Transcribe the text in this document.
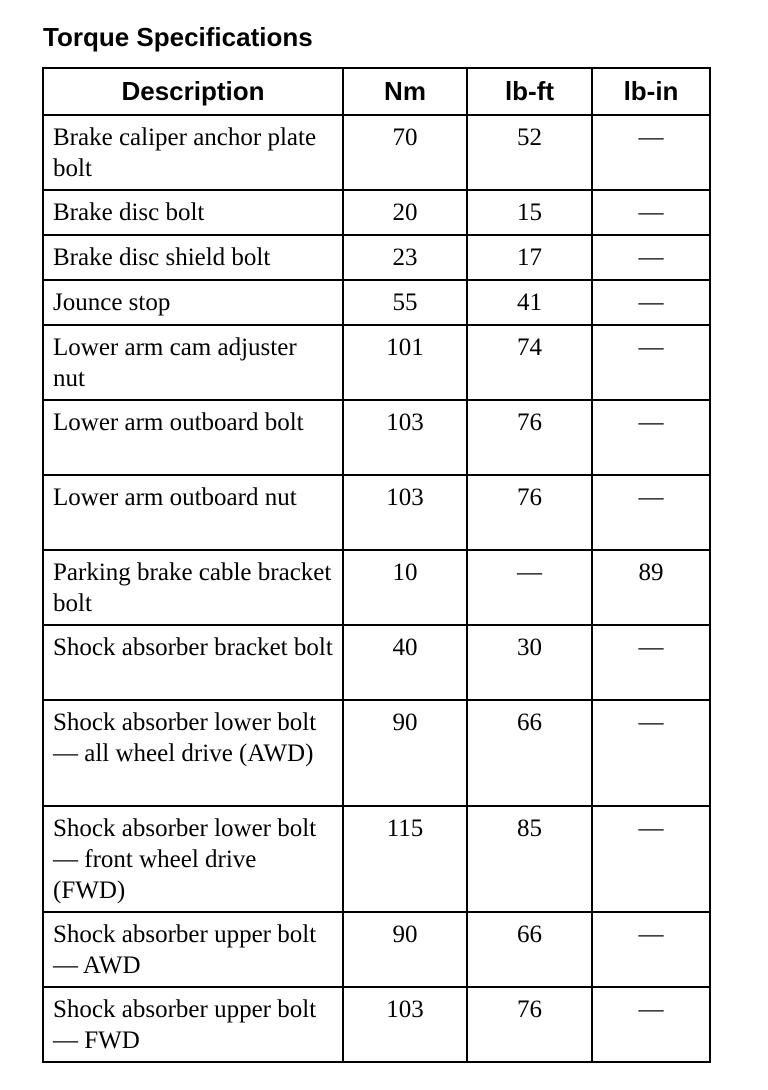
Torque Specifications
Description	Nm	lb-ft	lb-in
Brake caliper anchor plate bolt	70	52	—
Brake disc bolt	20	15	—
Brake disc shield bolt	23	17	—
Jounce stop	55	41	—
Lower arm cam adjuster nut	101	74	—
Lower arm outboard bolt	103	76	—
Lower arm outboard nut	103	76	—
Parking brake cable bracket bolt	10	—	89
Shock absorber bracket bolt	40	30	—
Shock absorber lower bolt — all wheel drive (AWD)	90	66	—
Shock absorber lower bolt — front wheel drive (FWD)	115	85	—
Shock absorber upper bolt — AWD	90	66	—
Shock absorber upper bolt — FWD	103	76	—
